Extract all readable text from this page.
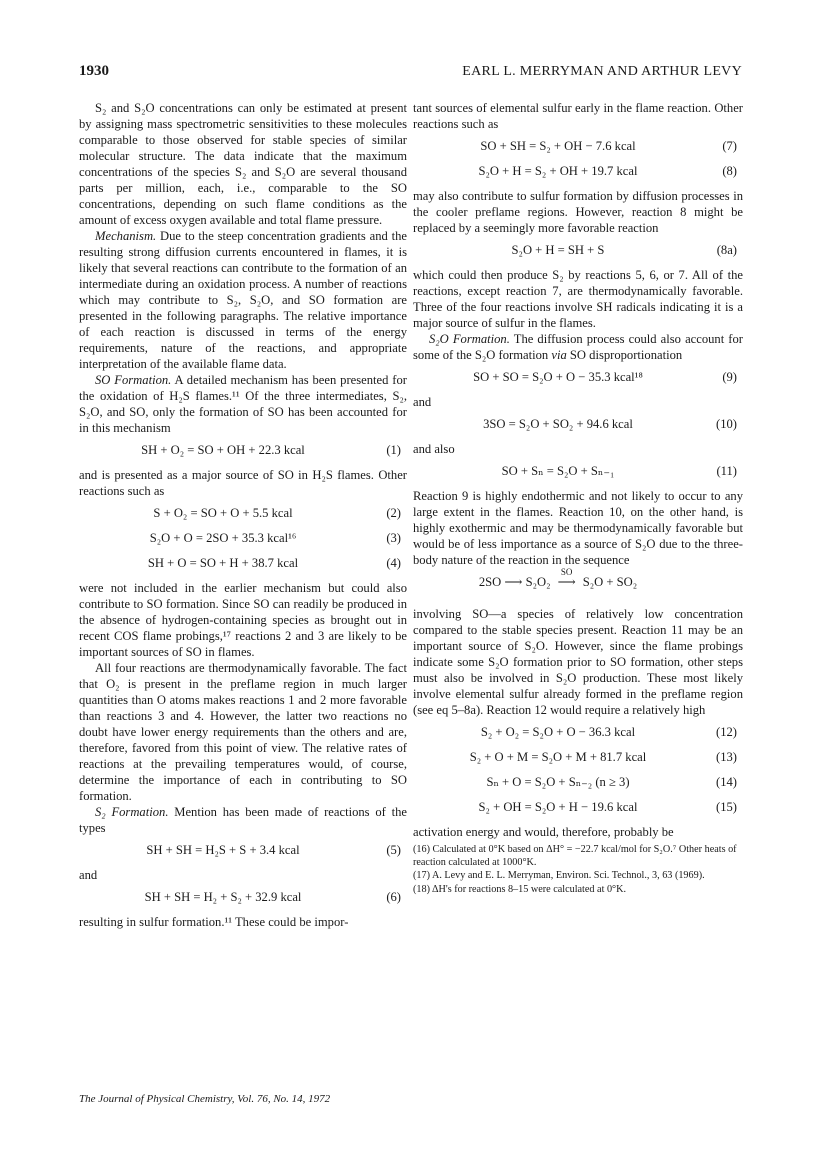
1930	EARL L. MERRYMAN AND ARTHUR LEVY

S₂ and S₂O concentrations can only be estimated at present by assigning mass spectrometric sensitivities to these molecules comparable to those observed for stable species of similar molecular structure. The data indicate that the maximum concentrations of the species S₂ and S₂O are several thousand parts per million, each, i.e., comparable to the SO concentrations, depending on such flame conditions as the amount of excess oxygen available and total flame pressure.

Mechanism. Due to the steep concentration gradients and the resulting strong diffusion currents encountered in flames, it is likely that several reactions can contribute to the formation of an intermediate during an oxidation process. A number of reactions which may contribute to S₂, S₂O, and SO formation are presented in the following paragraphs. The relative importance of each reaction is discussed in terms of the energy requirements, nature of the reactions, and appropriate interpretation of the available flame data.

SO Formation. A detailed mechanism has been presented for the oxidation of H₂S flames.¹¹ Of the three intermediates, S₂, S₂O, and SO, only the formation of SO has been accounted for in this mechanism

SH + O₂ = SO + OH + 22.3 kcal	(1)

and is presented as a major source of SO in H₂S flames. Other reactions such as

S + O₂ = SO + O + 5.5 kcal	(2)
S₂O + O = 2SO + 35.3 kcal¹⁶	(3)
SH + O = SO + H + 38.7 kcal	(4)

were not included in the earlier mechanism but could also contribute to SO formation. Since SO can readily be produced in the absence of hydrogen-containing species as brought out in recent COS flame probings,¹⁷ reactions 2 and 3 are likely to be important sources of SO in flames.

All four reactions are thermodynamically favorable. The fact that O₂ is present in the preflame region in much larger quantities than O atoms makes reactions 1 and 2 more favorable than reactions 3 and 4. However, the latter two reactions no doubt have lower energy requirements than the others and are, therefore, favored from this point of view. The relative rates of reactions at the prevailing temperatures would, of course, determine the importance of each in contributing to SO formation.

S₂ Formation. Mention has been made of reactions of the types

SH + SH = H₂S + S + 3.4 kcal	(5)

and

SH + SH = H₂ + S₂ + 32.9 kcal	(6)

resulting in sulfur formation.¹¹ These could be impor-

tant sources of elemental sulfur early in the flame reaction. Other reactions such as

SO + SH = S₂ + OH − 7.6 kcal	(7)
S₂O + H = S₂ + OH + 19.7 kcal	(8)

may also contribute to sulfur formation by diffusion processes in the cooler preflame regions. However, reaction 8 might be replaced by a seemingly more favorable reaction

S₂O + H = SH + S	(8a)

which could then produce S₂ by reactions 5, 6, or 7. All of the reactions, except reaction 7, are thermodynamically favorable. Three of the four reactions involve SH radicals indicating it is a major source of sulfur in the flames.

S₂O Formation. The diffusion process could also account for some of the S₂O formation via SO disproportionation

SO + SO = S₂O + O − 35.3 kcal¹⁸	(9)

and

3SO = S₂O + SO₂ + 94.6 kcal	(10)

and also

SO + Sₙ = S₂O + Sₙ₋₁	(11)

Reaction 9 is highly endothermic and not likely to occur to any large extent in the flames. Reaction 10, on the other hand, is highly exothermic and may be thermodynamically favorable but would be of less importance as a source of S₂O due to the three-body nature of the reaction in the sequence

2SO ⟶ S₂O₂
SO
⟶ S₂O + SO₂

involving SO—a species of relatively low concentration compared to the stable species present. Reaction 11 may be an important source of S₂O. However, since the flame probings indicate some S₂O formation prior to SO formation, other steps must also be involved in S₂O production. These most likely involve elemental sulfur already formed in the preflame region (see eq 5–8a). Reaction 12 would require a relatively high

S₂ + O₂ = S₂O + O − 36.3 kcal	(12)
S₂ + O + M = S₂O + M + 81.7 kcal	(13)
Sₙ + O = S₂O + Sₙ₋₂ (n ≥ 3)	(14)
S₂ + OH = S₂O + H − 19.6 kcal	(15)

activation energy and would, therefore, probably be

(16) Calculated at 0°K based on ΔH° = −22.7 kcal/mol for S₂O.⁷ Other heats of reaction calculated at 1000°K.

(17) A. Levy and E. L. Merryman, Environ. Sci. Technol., 3, 63 (1969).

(18) ΔH's for reactions 8–15 were calculated at 0°K.

The Journal of Physical Chemistry, Vol. 76, No. 14, 1972
